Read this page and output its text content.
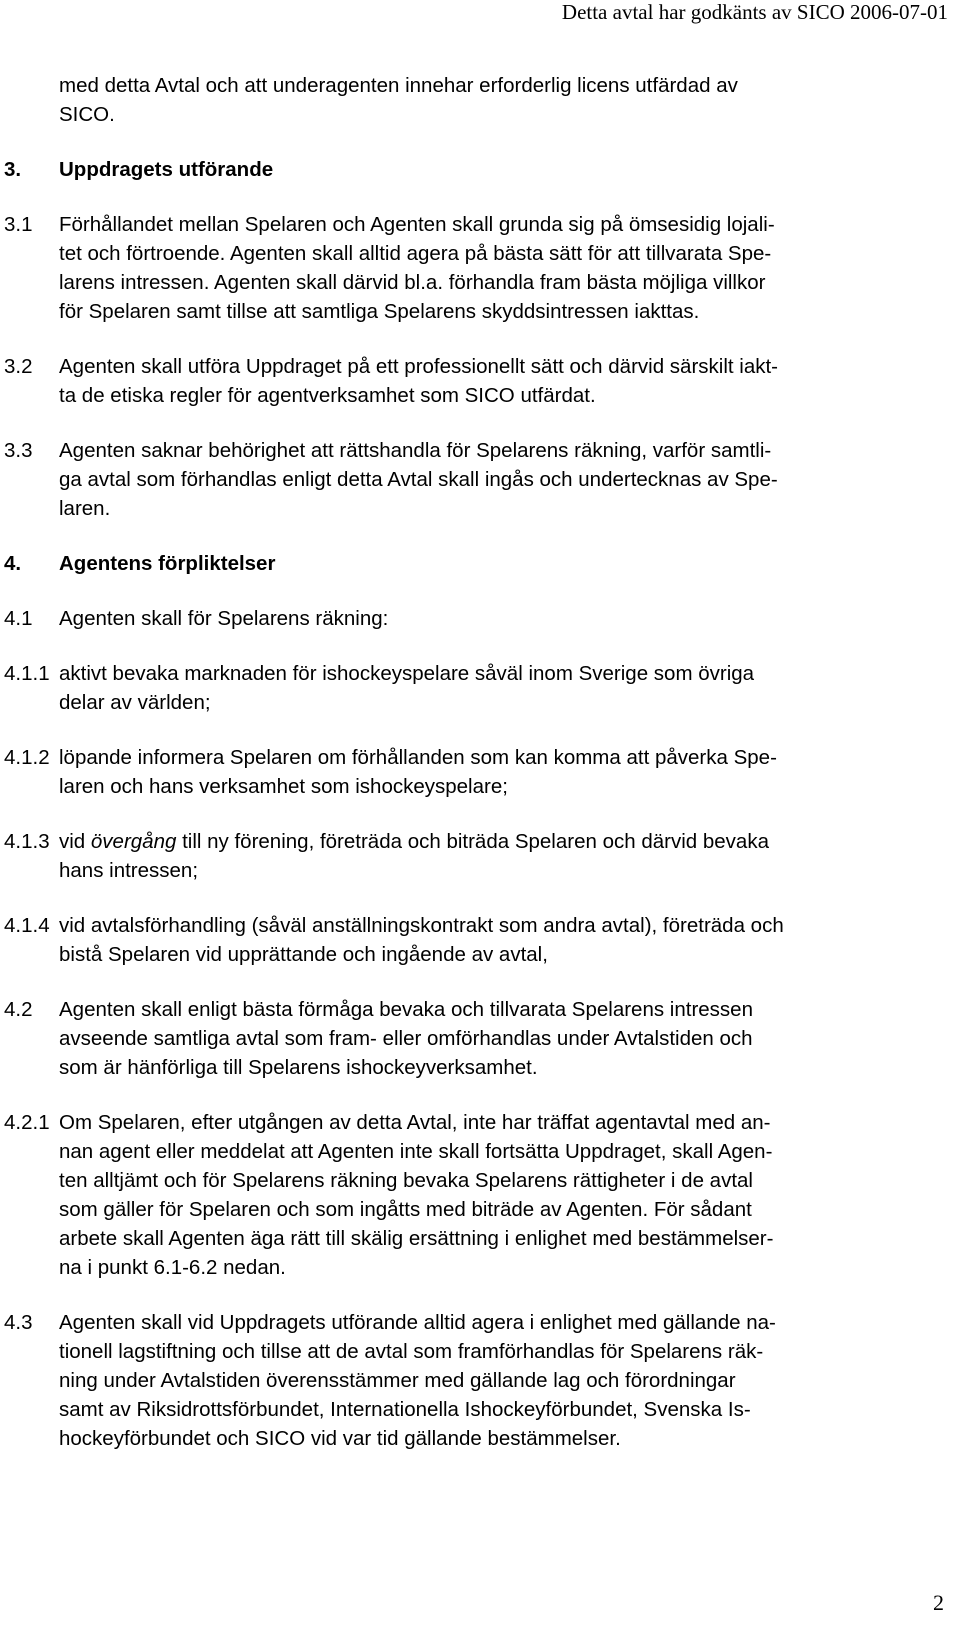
Detta avtal har godkänts av SICO 2006-07-01
med detta Avtal och att underagenten innehar erforderlig licens utfärdad av
SICO.
3. Uppdragets utförande
3.1 Förhållandet mellan Spelaren och Agenten skall grunda sig på ömsesidig lojali-
tet och förtroende. Agenten skall alltid agera på bästa sätt för att tillvarata Spe-
larens intressen. Agenten skall därvid bl.a. förhandla fram bästa möjliga villkor
för Spelaren samt tillse att samtliga Spelarens skyddsintressen iakttas.
3.2 Agenten skall utföra Uppdraget på ett professionellt sätt och därvid särskilt iakt-
ta de etiska regler för agentverksamhet som SICO utfärdat.
3.3 Agenten saknar behörighet att rättshandla för Spelarens räkning, varför samtli-
ga avtal som förhandlas enligt detta Avtal skall ingås och undertecknas av Spe-
laren.
4. Agentens förpliktelser
4.1 Agenten skall för Spelarens räkning:
4.1.1 aktivt bevaka marknaden för ishockeyspelare såväl inom Sverige som övriga
delar av världen;
4.1.2 löpande informera Spelaren om förhållanden som kan komma att påverka Spe-
laren och hans verksamhet som ishockeyspelare;
4.1.3 vid övergång till ny förening, företräda och biträda Spelaren och därvid bevaka
hans intressen;
4.1.4 vid avtalsförhandling (såväl anställningskontrakt som andra avtal), företräda och
bistå Spelaren vid upprättande och ingående av avtal,
4.2 Agenten skall enligt bästa förmåga bevaka och tillvarata Spelarens intressen
avseende samtliga avtal som fram- eller omförhandlas under Avtalstiden och
som är hänförliga till Spelarens ishockeyverksamhet.
4.2.1 Om Spelaren, efter utgången av detta Avtal, inte har träffat agentavtal med an-
nan agent eller meddelat att Agenten inte skall fortsätta Uppdraget, skall Agen-
ten alltjämt och för Spelarens räkning bevaka Spelarens rättigheter i de avtal
som gäller för Spelaren och som ingåtts med biträde av Agenten. För sådant
arbete skall Agenten äga rätt till skälig ersättning i enlighet med bestämmelser-
na i punkt 6.1-6.2 nedan.
4.3 Agenten skall vid Uppdragets utförande alltid agera i enlighet med gällande na-
tionell lagstiftning och tillse att de avtal som framförhandlas för Spelarens räk-
ning under Avtalstiden överensstämmer med gällande lag och förordningar
samt av Riksidrottsförbundet, Internationella Ishockeyförbundet, Svenska Is-
hockeyförbundet och SICO vid var tid gällande bestämmelser.
2
